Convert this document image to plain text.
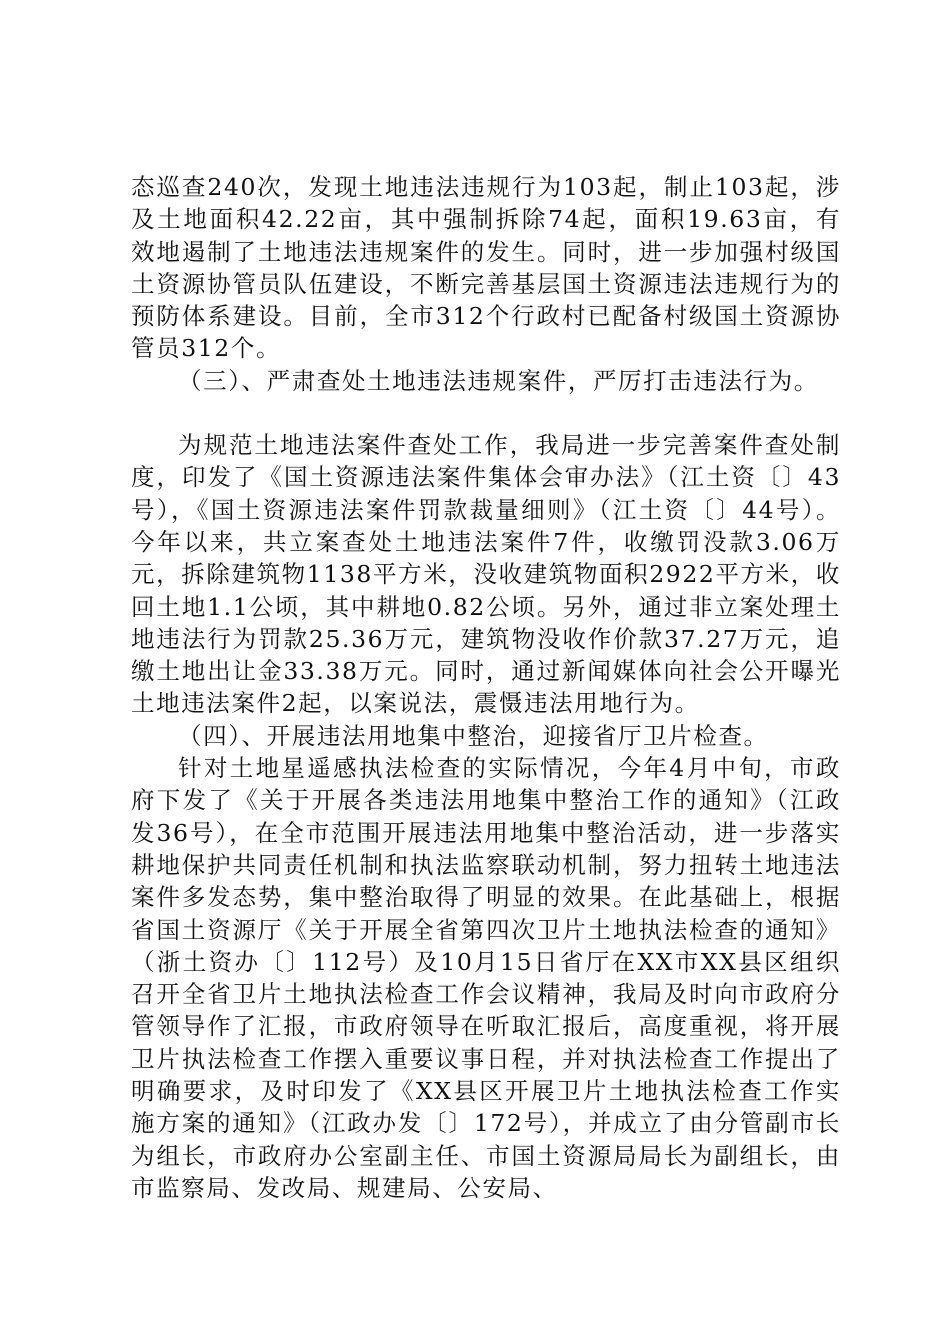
态巡查240次，发现土地违法违规行为103起，制止103起，涉及土地面积42.22亩，其中强制拆除74起，面积19.63亩，有效地遏制了土地违法违规案件的发生。同时，进一步加强村级国土资源协管员队伍建设，不断完善基层国土资源违法违规行为的预防体系建设。目前，全市312个行政村已配备村级国土资源协管员312个。

（三）、严肃查处土地违法违规案件，严厉打击违法行为。

为规范土地违法案件查处工作，我局进一步完善案件查处制度，印发了《国土资源违法案件集体会审办法》（江土资〔〕43号），《国土资源违法案件罚款裁量细则》（江土资〔〕44号）。今年以来，共立案查处土地违法案件7件，收缴罚没款3.06万元，拆除建筑物1138平方米，没收建筑物面积2922平方米，收回土地1.1公顷，其中耕地0.82公顷。另外，通过非立案处理土地违法行为罚款25.36万元，建筑物没收作价款37.27万元，追缴土地出让金33.38万元。同时，通过新闻媒体向社会公开曝光土地违法案件2起，以案说法，震慑违法用地行为。

（四）、开展违法用地集中整治，迎接省厅卫片检查。

针对土地星遥感执法检查的实际情况，今年4月中旬，市政府下发了《关于开展各类违法用地集中整治工作的通知》（江政发36号），在全市范围开展违法用地集中整治活动，进一步落实耕地保护共同责任机制和执法监察联动机制，努力扭转土地违法案件多发态势，集中整治取得了明显的效果。在此基础上，根据省国土资源厅《关于开展全省第四次卫片土地执法检查的通知》（浙土资办〔〕112号）及10月15日省厅在XX市XX县区组织召开全省卫片土地执法检查工作会议精神，我局及时向市政府分管领导作了汇报，市政府领导在听取汇报后，高度重视，将开展卫片执法检查工作摆入重要议事日程，并对执法检查工作提出了明确要求，及时印发了《XX县区开展卫片土地执法检查工作实施方案的通知》（江政办发〔〕172号），并成立了由分管副市长为组长，市政府办公室副主任、市国土资源局局长为副组长，由市监察局、发改局、规建局、公安局、
